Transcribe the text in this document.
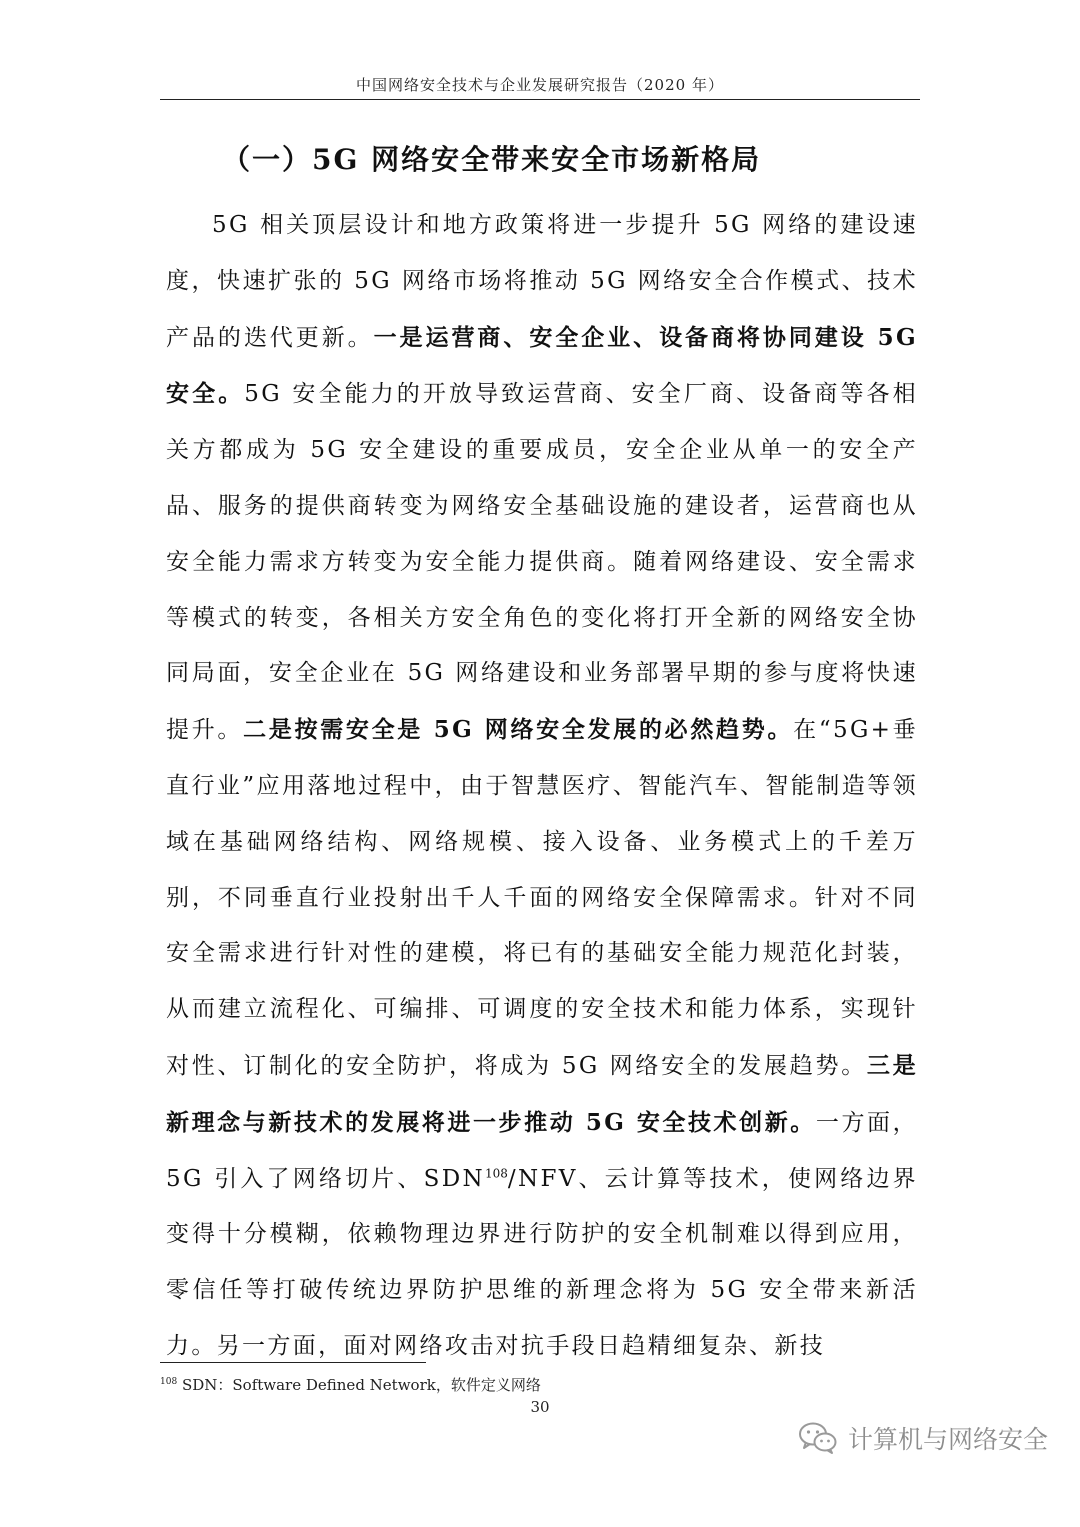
中国网络安全技术与企业发展研究报告（2020 年）
（一）5G 网络安全带来安全市场新格局

5G 相关顶层设计和地方政策将进一步提升 5G 网络的建设速度，快速扩张的 5G 网络市场将推动 5G 网络安全合作模式、技术产品的迭代更新。一是运营商、安全企业、设备商将协同建设 5G 安全。5G 安全能力的开放导致运营商、安全厂商、设备商等各相关方都成为 5G 安全建设的重要成员，安全企业从单一的安全产品、服务的提供商转变为网络安全基础设施的建设者，运营商也从安全能力需求方转变为安全能力提供商。随着网络建设、安全需求等模式的转变，各相关方安全角色的变化将打开全新的网络安全协同局面，安全企业在 5G 网络建设和业务部署早期的参与度将快速提升。二是按需安全是 5G 网络安全发展的必然趋势。在“5G+垂直行业”应用落地过程中，由于智慧医疗、智能汽车、智能制造等领域在基础网络结构、网络规模、接入设备、业务模式上的千差万别，不同垂直行业投射出千人千面的网络安全保障需求。针对不同安全需求进行针对性的建模，将已有的基础安全能力规范化封装，从而建立流程化、可编排、可调度的安全技术和能力体系，实现针对性、订制化的安全防护，将成为 5G 网络安全的发展趋势。三是新理念与新技术的发展将进一步推动 5G 安全技术创新。一方面，5G 引入了网络切片、SDN$^{108}$/NFV、云计算等技术，使网络边界变得十分模糊，依赖物理边界进行防护的安全机制难以得到应用，零信任等打破传统边界防护思维的新理念将为 5G 安全带来新活力。另一方面，面对网络攻击对抗手段日趋精细复杂、新技

$^{108}$ SDN：Software Defined Network，软件定义网络
30
计算机与网络安全
